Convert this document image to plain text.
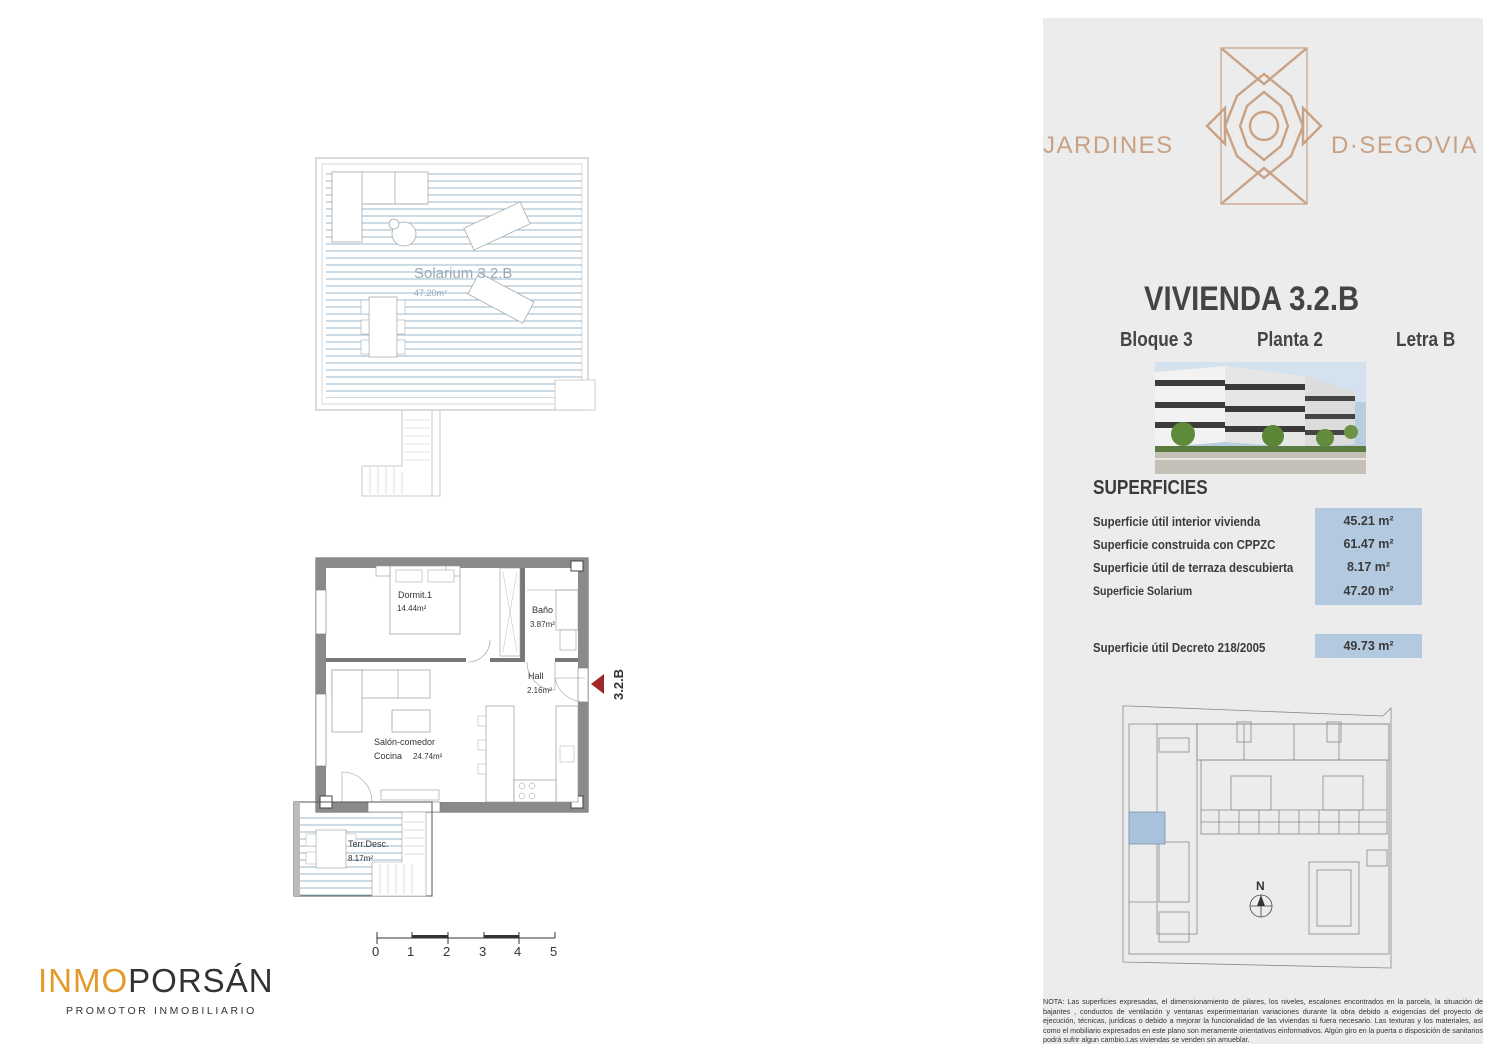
Solarium 3.2.B
47.20m²
Dormit.1
14.44m²	Baño
3.87m²
Hall
2.16m²
Salón-comedor
Cocina 24.74m²
Terr.Desc.
8.17m²
3.2.B
0 1 2 3 4 5
INMOPORSÁN
PROMOTOR INMOBILIARIO
JARDINES	D·SEGOVIA
VIVIENDA 3.2.B
Bloque 3	Planta 2	Letra B
SUPERFICIES
Superficie útil interior vivienda	45.21 m²
Superficie construida con CPPZC	61.47 m²
Superficie útil de terraza descubierta	8.17 m²
Superficie Solarium	47.20 m²
Superficie útil Decreto 218/2005	49.73 m²
N
NOTA: Las superficies expresadas, el dimensionamiento de pilares, los niveles, escalones encontrados en la parcela, la situación de bajantes , conductos de ventilación y ventanas experimentarian variaciones durante la obra debido a exigencias del proyecto de ejecución, técnicas, jurídicas o debido a mejorar la funcionalidad de las viviendas si fuera necesario. Las texturas y los materiales, así como el mobiliario expresados en este plano son meramente orientativos einformativos. Algún giro en la puerta o disposición de sanitarios podrá sufrir algun cambio.Las viviendas se venden sin amueblar.
